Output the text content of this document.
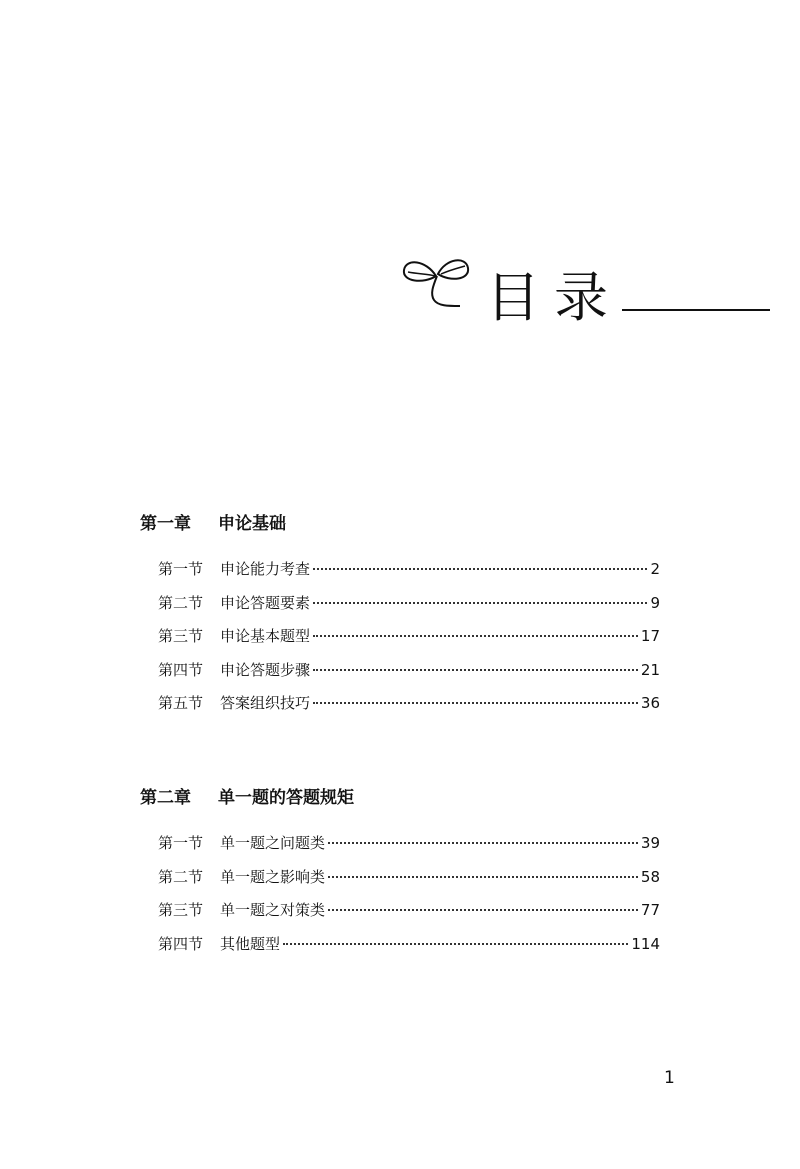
目录
第一章 申论基础
第一节	申论能力考查	2
第二节	申论答题要素	9
第三节	申论基本题型	17
第四节	申论答题步骤	21
第五节	答案组织技巧	36
第二章 单一题的答题规矩
第一节	单一题之问题类	39
第二节	单一题之影响类	58
第三节	单一题之对策类	77
第四节	其他题型	114
1
